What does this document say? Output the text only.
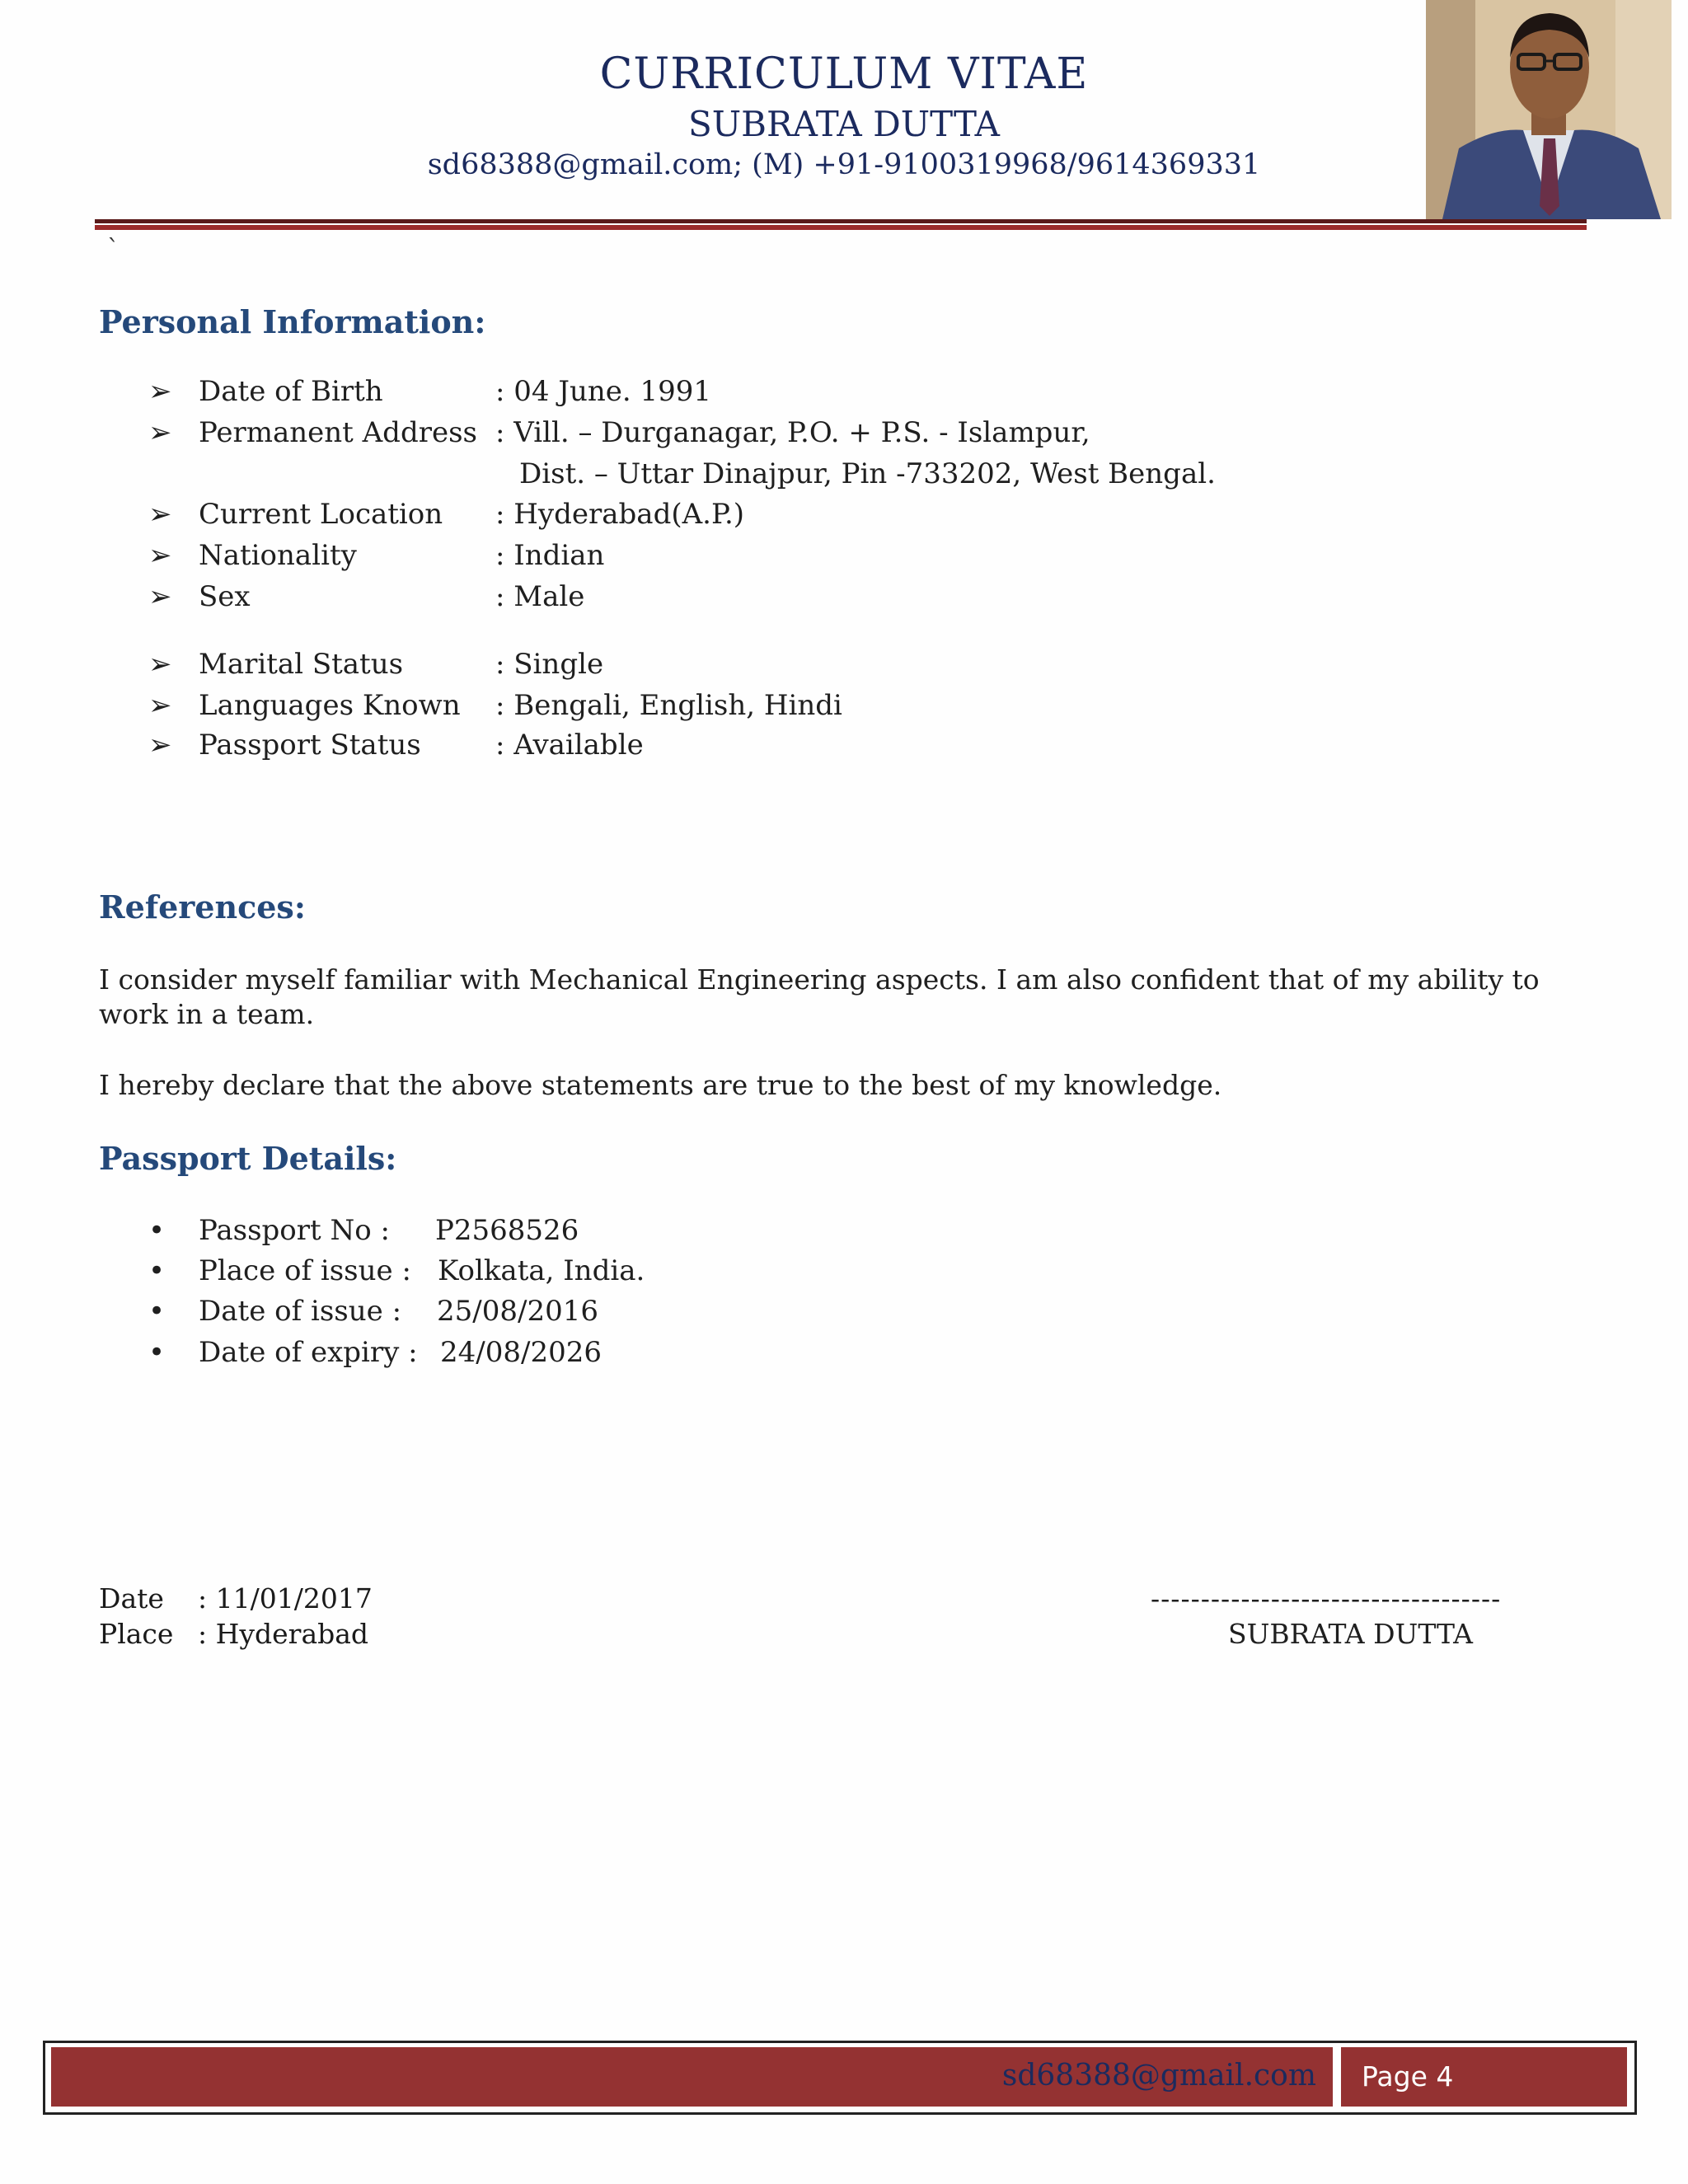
CURRICULUM VITAE
SUBRATA DUTTA
sd68388@gmail.com; (M) +91-9100319968/9614369331
`
Personal Information:
➢ Date of Birth	: 04 June. 1991
➢ Permanent Address : Vill. – Durganagar, P.O. + P.S. - Islampur,
Dist. – Uttar Dinajpur, Pin -733202, West Bengal.
➢ Current Location : Hyderabad(A.P.)
➢ Nationality	: Indian
➢ Sex	: Male
➢ Marital Status	: Single
➢ Languages Known : Bengali, English, Hindi
➢ Passport Status	: Available
References:
I consider myself familiar with Mechanical Engineering aspects. I am also confident that of my ability to work in a team.
I hereby declare that the above statements are true to the best of my knowledge.
Passport Details:
• Passport No : P2568526
• Place of issue : Kolkata, India.
• Date of issue : 25/08/2016
• Date of expiry : 24/08/2026
Date : 11/01/2017
Place : Hyderabad
-----------------------------------
SUBRATA DUTTA
sd68388@gmail.com Page 4
